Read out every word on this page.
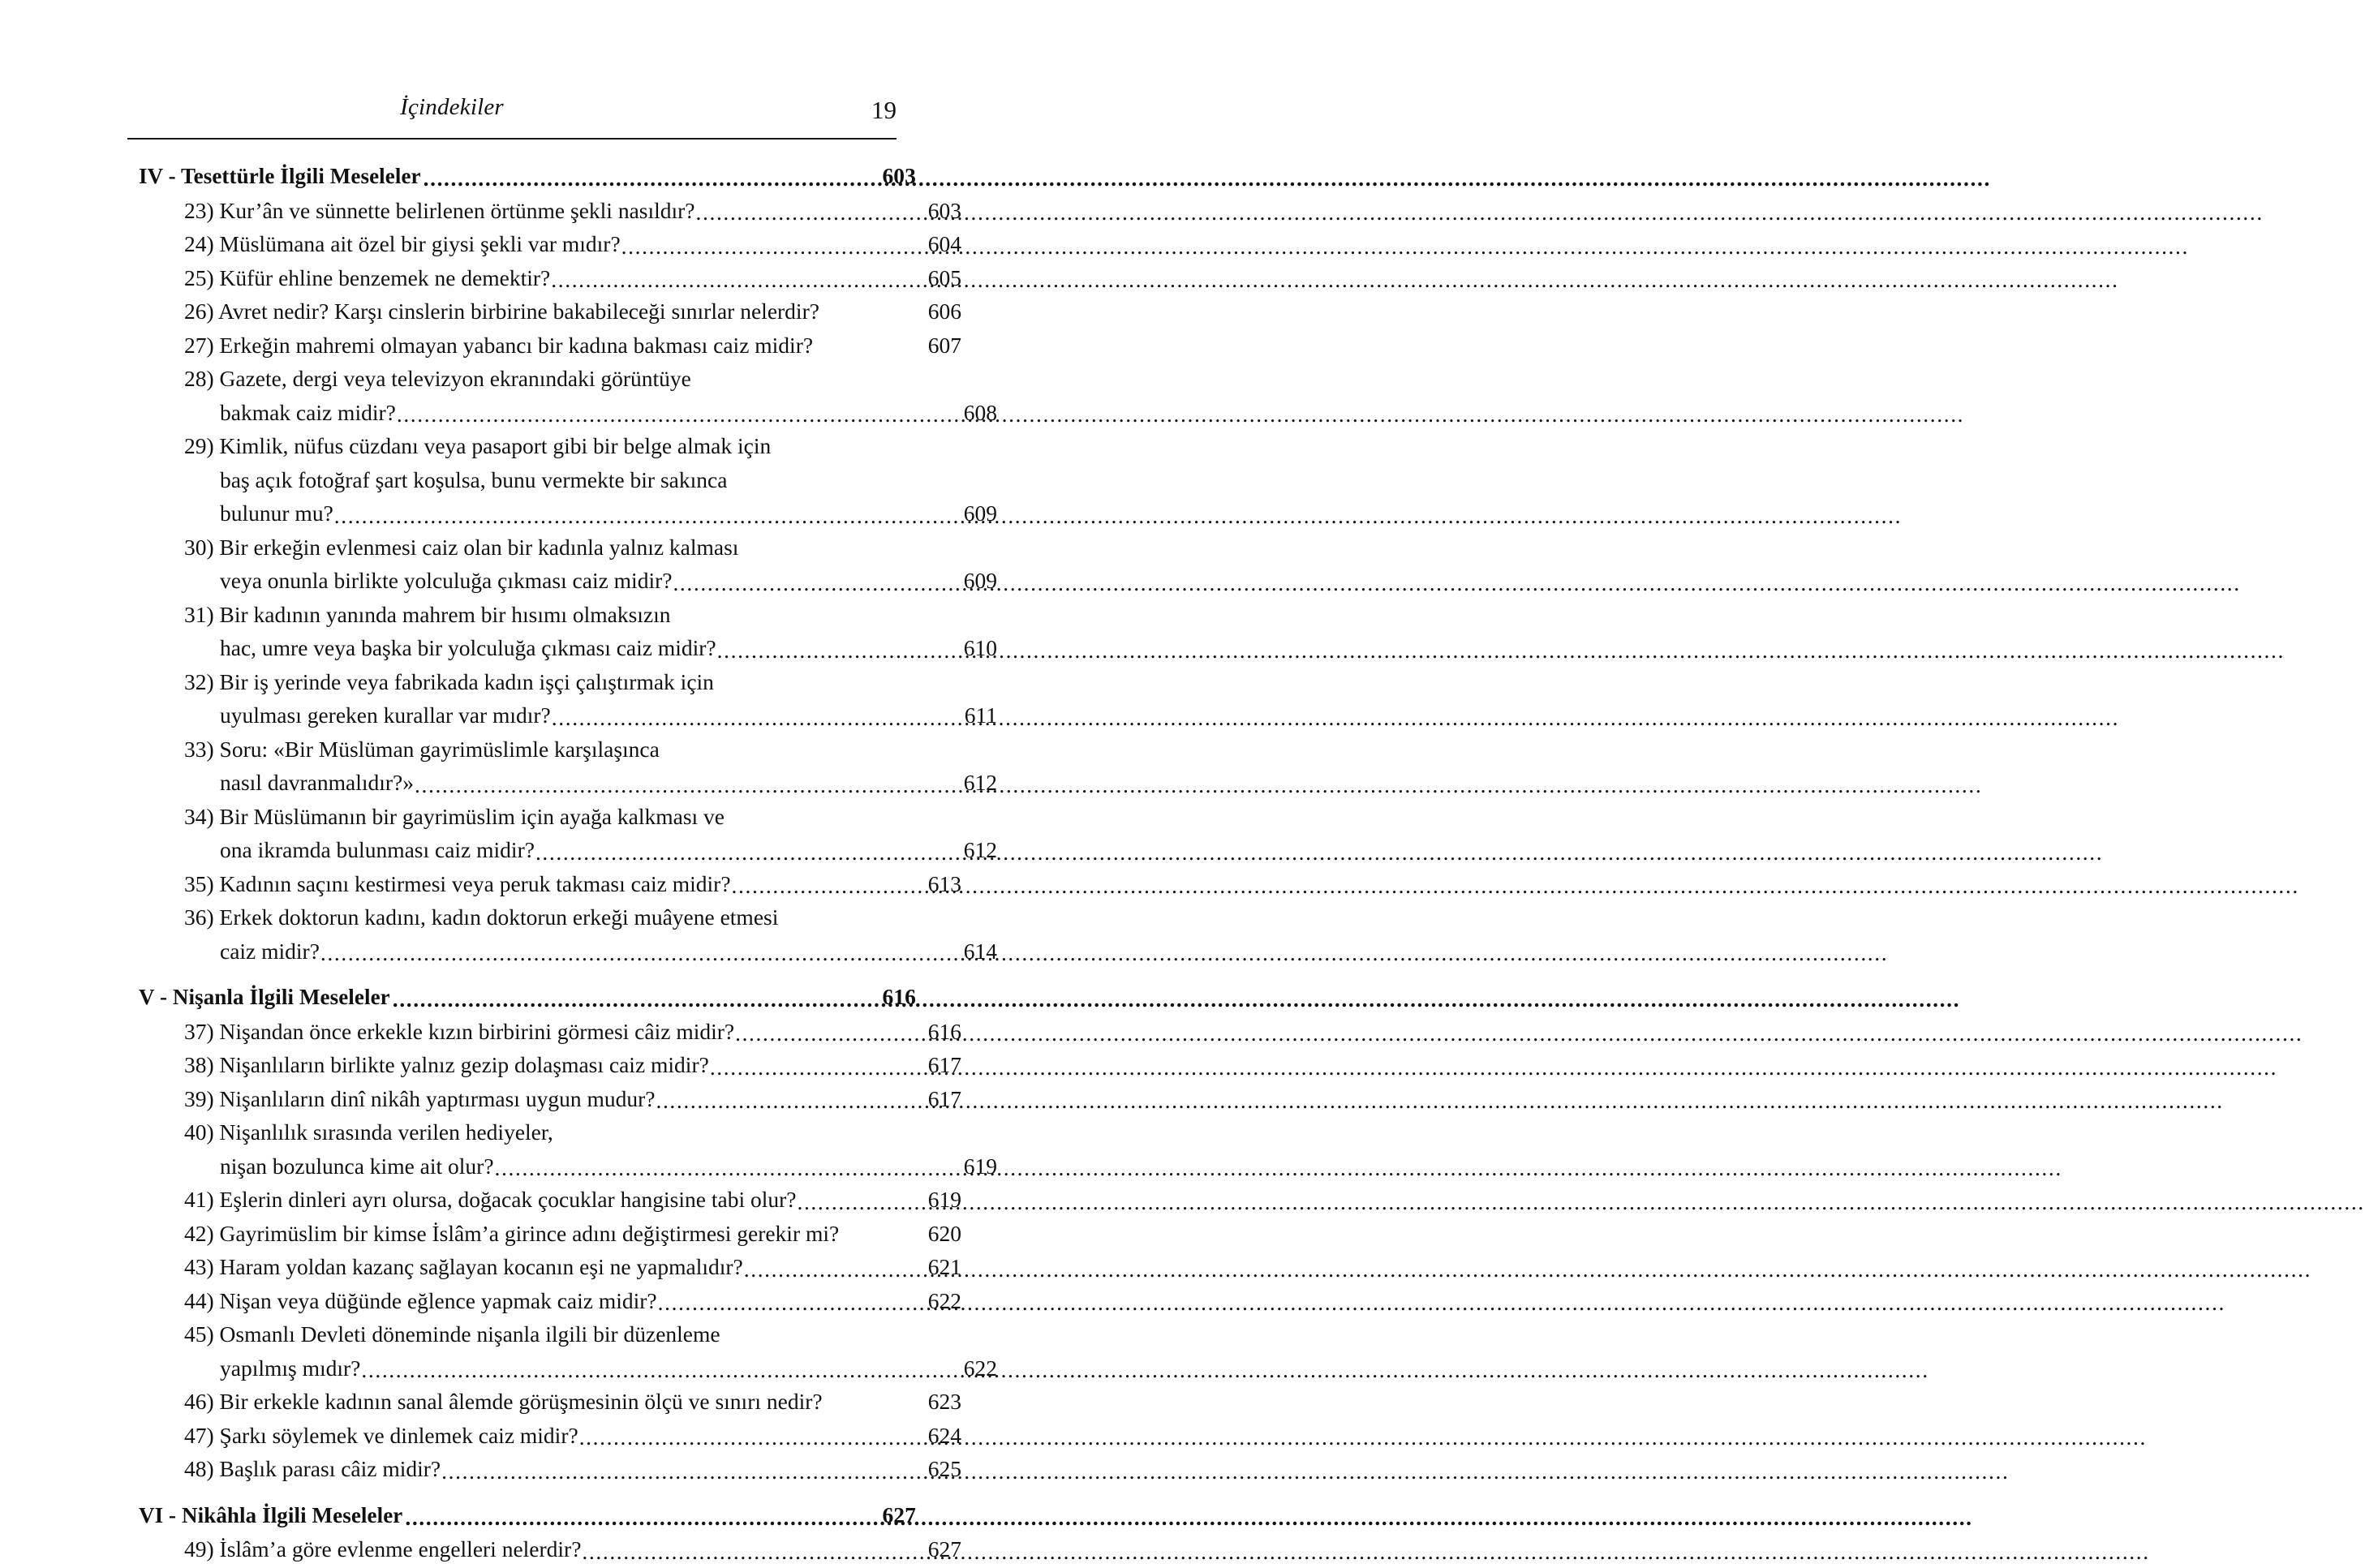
İçindekiler	19
IV - Tesettürle İlgili Meseleler .....	603
23) Kur’ân ve sünnette belirlenen örtünme şekli nasıldır? .....	603
24) Müslümana ait özel bir giysi şekli var mıdır? .....	604
25) Küfür ehline benzemek ne demektir? .....	605
26) Avret nedir? Karşı cinslerin birbirine bakabileceği sınırlar nelerdir?	606
27) Erkeğin mahremi olmayan yabancı bir kadına bakması caiz midir?	607
28) Gazete, dergi veya televizyon ekranındaki görüntüye
bakmak caiz midir? .....	608
29) Kimlik, nüfus cüzdanı veya pasaport gibi bir belge almak için
baş açık fotoğraf şart koşulsa, bunu vermekte bir sakınca
bulunur mu? .....	609
30) Bir erkeğin evlenmesi caiz olan bir kadınla yalnız kalması
veya onunla birlikte yolculuğa çıkması caiz midir? .....	609
31) Bir kadının yanında mahrem bir hısımı olmaksızın
hac, umre veya başka bir yolculuğa çıkması caiz midir? .....	610
32) Bir iş yerinde veya fabrikada kadın işçi çalıştırmak için
uyulması gereken kurallar var mıdır? .....	611
33) Soru: «Bir Müslüman gayrimüslimle karşılaşınca
nasıl davranmalıdır?» .....	612
34) Bir Müslümanın bir gayrimüslim için ayağa kalkması ve
ona ikramda bulunması caiz midir? .....	612
35) Kadının saçını kestirmesi veya peruk takması caiz midir? .....	613
36) Erkek doktorun kadını, kadın doktorun erkeği muâyene etmesi
caiz midir? .....	614
V - Nişanla İlgili Meseleler .....	616
37) Nişandan önce erkekle kızın birbirini görmesi câiz midir? .....	616
38) Nişanlıların birlikte yalnız gezip dolaşması caiz midir? .....	617
39) Nişanlıların dinî nikâh yaptırması uygun mudur? .....	617
40) Nişanlılık sırasında verilen hediyeler,
nişan bozulunca kime ait olur? .....	619
41) Eşlerin dinleri ayrı olursa, doğacak çocuklar hangisine tabi olur? .....	619
42) Gayrimüslim bir kimse İslâm’a girince adını değiştirmesi gerekir mi?	620
43) Haram yoldan kazanç sağlayan kocanın eşi ne yapmalıdır? .....	621
44) Nişan veya düğünde eğlence yapmak caiz midir? .....	622
45) Osmanlı Devleti döneminde nişanla ilgili bir düzenleme
yapılmış mıdır? .....	622
46) Bir erkekle kadının sanal âlemde görüşmesinin ölçü ve sınırı nedir?	623
47) Şarkı söylemek ve dinlemek caiz midir? .....	624
48) Başlık parası câiz midir? .....	625
VI - Nikâhla İlgili Meseleler .....	627
49) İslâm’a göre evlenme engelleri nelerdir? .....	627
